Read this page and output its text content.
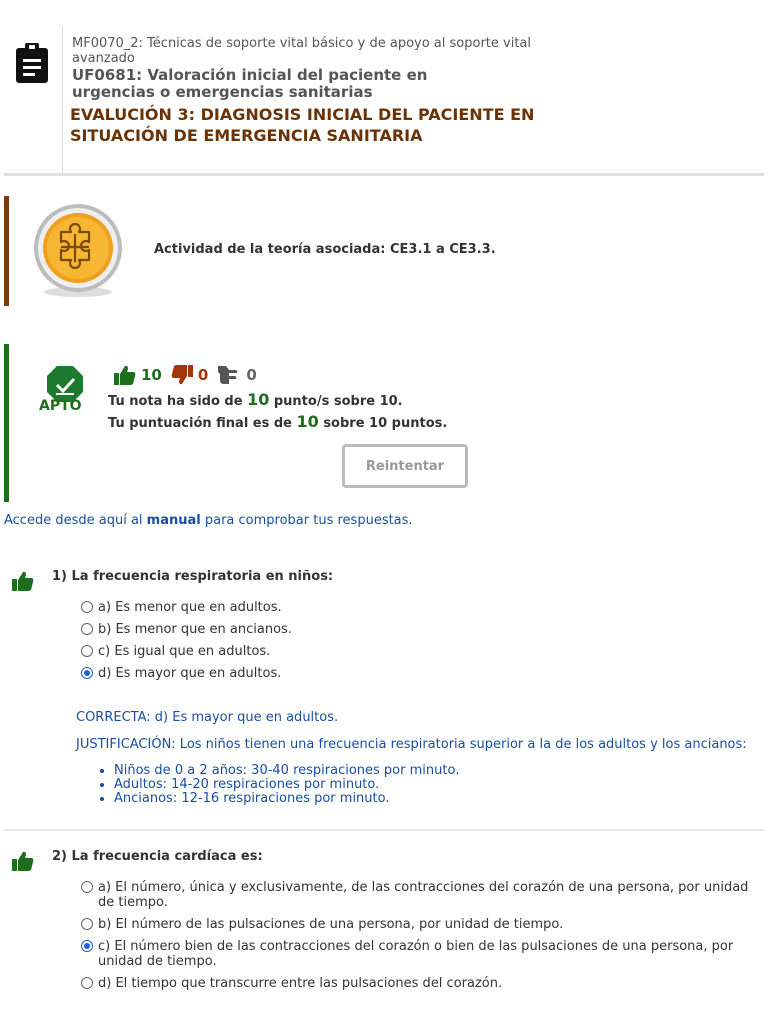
MF0070_2: Técnicas de soporte vital básico y de apoyo al soporte vital avanzado
UF0681: Valoración inicial del paciente en urgencias o emergencias sanitarias
EVALUCIÓN 3: DIAGNOSIS INICIAL DEL PACIENTE EN SITUACIÓN DE EMERGENCIA SANITARIA
Actividad de la teoría asociada: CE3.1 a CE3.3.
APTO
10 0	0
Tu nota ha sido de 10 punto/s sobre 10.
Tu puntuación final es de 10 sobre 10 puntos.
Reintentar
Accede desde aquí al manual para comprobar tus respuestas.
1) La frecuencia respiratoria en niños:
a) Es menor que en adultos.
b) Es menor que en ancianos.
c) Es igual que en adultos.
d) Es mayor que en adultos.
CORRECTA: d) Es mayor que en adultos.
JUSTIFICACIÓN: Los niños tienen una frecuencia respiratoria superior a la de los adultos y los ancianos:
• Niños de 0 a 2 años: 30-40 respiraciones por minuto.
• Adultos: 14-20 respiraciones por minuto.
• Ancianos: 12-16 respiraciones por minuto.
2) La frecuencia cardíaca es:
a) El número, única y exclusivamente, de las contracciones del corazón de una persona, por unidad de tiempo.
b) El número de las pulsaciones de una persona, por unidad de tiempo.
c) El número bien de las contracciones del corazón o bien de las pulsaciones de una persona, por unidad de tiempo.
d) El tiempo que transcurre entre las pulsaciones del corazón.
